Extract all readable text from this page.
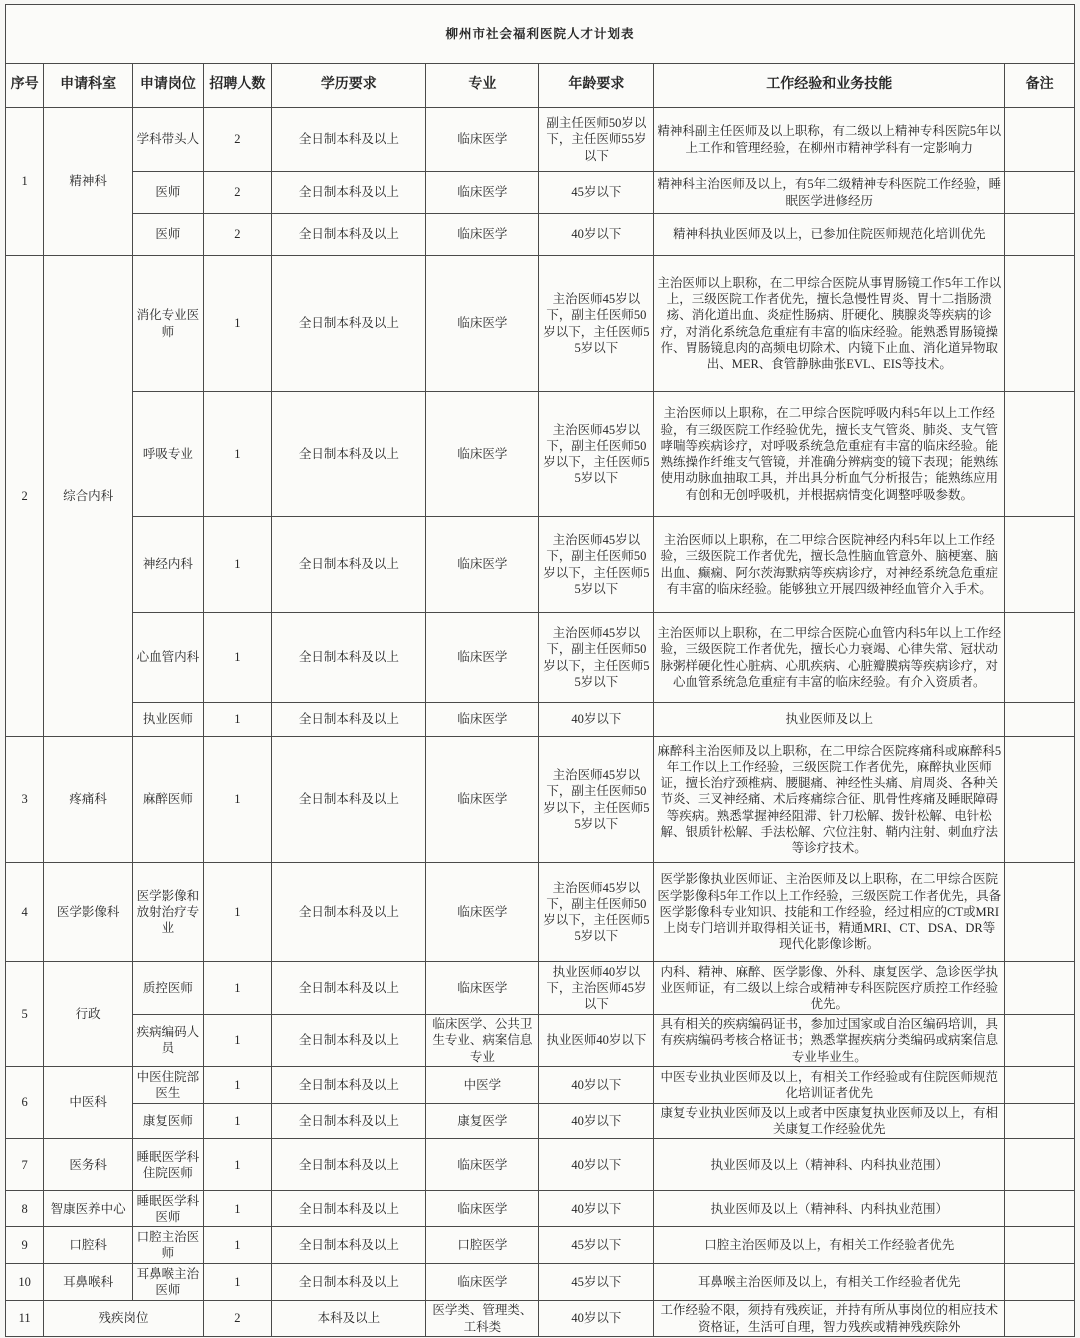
柳州市社会福利医院人才计划表								
序号	申请科室	申请岗位	招聘人数	学历要求	专业	年龄要求	工作经验和业务技能	备注
1	精神科	学科带头人	2	全日制本科及以上	临床医学	副主任医师50岁以下，主任医师55岁以下	精神科副主任医师及以上职称，有二级以上精神专科医院5年以上工作和管理经验，在柳州市精神学科有一定影响力	
		医师	2	全日制本科及以上	临床医学	45岁以下	精神科主治医师及以上，有5年二级精神专科医院工作经验，睡眠医学进修经历	
		医师	2	全日制本科及以上	临床医学	40岁以下	精神科执业医师及以上，已参加住院医师规范化培训优先	
2	综合内科	消化专业医师	1	全日制本科及以上	临床医学	主治医师45岁以下，副主任医师50岁以下，主任医师55岁以下	主治医师以上职称，在二甲综合医院从事胃肠镜工作5年工作以上，三级医院工作者优先，擅长急慢性胃炎、胃十二指肠溃疡、消化道出血、炎症性肠病、肝硬化、胰腺炎等疾病的诊疗，对消化系统急危重症有丰富的临床经验。能熟悉胃肠镜操作、胃肠镜息肉的高频电切除术、内镜下止血、消化道异物取出、MER、食管静脉曲张EVL、EIS等技术。	
		呼吸专业	1	全日制本科及以上	临床医学	主治医师45岁以下，副主任医师50岁以下，主任医师55岁以下	主治医师以上职称，在二甲综合医院呼吸内科5年以上工作经验，有三级医院工作经验优先，擅长支气管炎、肺炎、支气管哮喘等疾病诊疗，对呼吸系统急危重症有丰富的临床经验。能熟练操作纤维支气管镜，并准确分辨病变的镜下表现；能熟练使用动脉血抽取工具，并出具分析血气分析报告；能熟练应用有创和无创呼吸机，并根据病情变化调整呼吸参数。	
		神经内科	1	全日制本科及以上	临床医学	主治医师45岁以下，副主任医师50岁以下，主任医师55岁以下	主治医师以上职称，在二甲综合医院神经内科5年以上工作经验，三级医院工作者优先，擅长急性脑血管意外、脑梗塞、脑出血、癫痫、阿尔茨海默病等疾病诊疗，对神经系统急危重症有丰富的临床经验。能够独立开展四级神经血管介入手术。	
		心血管内科	1	全日制本科及以上	临床医学	主治医师45岁以下，副主任医师50岁以下，主任医师55岁以下	主治医师以上职称，在二甲综合医院心血管内科5年以上工作经验，三级医院工作者优先，擅长心力衰竭、心律失常、冠状动脉粥样硬化性心脏病、心肌疾病、心脏瓣膜病等疾病诊疗，对心血管系统急危重症有丰富的临床经验。有介入资质者。	
		执业医师	1	全日制本科及以上	临床医学	40岁以下	执业医师及以上	
3	疼痛科	麻醉医师	1	全日制本科及以上	临床医学	主治医师45岁以下，副主任医师50岁以下，主任医师55岁以下	麻醉科主治医师及以上职称，在二甲综合医院疼痛科或麻醉科5年工作以上工作经验，三级医院工作者优先，麻醉执业医师证，擅长治疗颈椎病、腰腿痛、神经性头痛、肩周炎、各种关节炎、三叉神经痛、术后疼痛综合征、肌骨性疼痛及睡眠障碍等疾病。熟悉掌握神经阻滞、针刀松解、拨针松解、电针松解、银质针松解、手法松解、穴位注射、鞘内注射、刺血疗法等诊疗技术。	
4	医学影像科	医学影像和放射治疗专业	1	全日制本科及以上	临床医学	主治医师45岁以下，副主任医师50岁以下，主任医师55岁以下	医学影像执业医师证、主治医师及以上职称，在二甲综合医院医学影像科5年工作以上工作经验，三级医院工作者优先，具备医学影像科专业知识、技能和工作经验，经过相应的CT或MRI上岗专门培训并取得相关证书，精通MRI、CT、DSA、DR等现代化影像诊断。	
5	行政	质控医师	1	全日制本科及以上	临床医学	执业医师40岁以下，主治医师45岁以下	内科、精神、麻醉、医学影像、外科、康复医学、急诊医学执业医师证，有二级以上综合或精神专科医院医疗质控工作经验优先。	
		疾病编码人员	1	全日制本科及以上	临床医学、公共卫生专业、病案信息专业	执业医师40岁以下	具有相关的疾病编码证书，参加过国家或自治区编码培训，具有疾病编码考核合格证书；熟悉掌握疾病分类编码或病案信息专业毕业生。	
6	中医科	中医住院部医生	1	全日制本科及以上	中医学	40岁以下	中医专业执业医师及以上，有相关工作经验或有住院医师规范化培训证者优先	
		康复医师	1	全日制本科及以上	康复医学	40岁以下	康复专业执业医师及以上或者中医康复执业医师及以上，有相关康复工作经验优先	
7	医务科	睡眠医学科住院医师	1	全日制本科及以上	临床医学	40岁以下	执业医师及以上（精神科、内科执业范围）	
8	智康医养中心	睡眠医学科医师	1	全日制本科及以上	临床医学	40岁以下	执业医师及以上（精神科、内科执业范围）	
9	口腔科	口腔主治医师	1	全日制本科及以上	口腔医学	45岁以下	口腔主治医师及以上，有相关工作经验者优先	
10	耳鼻喉科	耳鼻喉主治医师	1	全日制本科及以上	临床医学	45岁以下	耳鼻喉主治医师及以上，有相关工作经验者优先	
11	残疾岗位		2	本科及以上	医学类、管理类、工科类	40岁以下	工作经验不限，须持有残疾证，并持有所从事岗位的相应技术资格证，生活可自理，智力残疾或精神残疾除外	
